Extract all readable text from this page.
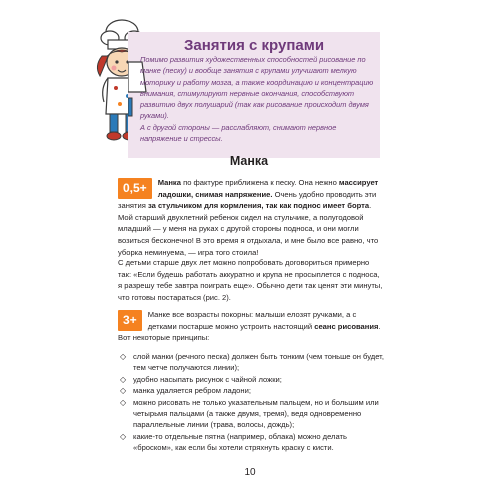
Занятия с крупами

Помимо развития художественных способностей рисование по манке (песку) и вообще занятия с крупами улучшают мелкую моторику и работу мозга, а также координацию и концентрацию внимания, стимулируют нервные окончания, способствуют развитию двух полушарий (так как рисование происходит двумя руками).

А с другой стороны — расслабляют, снимают нервное напряжение и стрессы.

Манка

0,5+	Манка по фактуре приближена к песку. Она нежно массирует ладошки, снимая напряжение. Очень удобно проводить эти занятия за стульчиком для кормления, так как поднос имеет борта. Мой старший двухлетний ребенок сидел на стульчике, а полугодовой младший — у меня на руках с другой стороны подноса, и они могли возиться бесконечно! В это время я отдыхала, и мне было все равно, что уборка неминуема, — игра того стоила!

С детьми старше двух лет можно попробовать договориться примерно так: «Если будешь работать аккуратно и крупа не просыплется с подноса, я разрешу тебе завтра поиграть еще». Обычно дети так ценят эти минуты, что готовы постараться (рис. 2).

3+	Манке все возрасты покорны: малыши елозят ручками, а с детками постарше можно устроить настоящий сеанс рисования. Вот некоторые принципы:

◇ слой манки (речного песка) должен быть тонким (чем тоньше он будет, тем четче получаются линии);
◇ удобно насыпать рисунок с чайной ложки;
◇ манка удаляется ребром ладони;
◇ можно рисовать не только указательным пальцем, но и большим или четырьмя пальцами (а также двумя, тремя), ведя одновременно параллельные линии (трава, волосы, дождь);
◇ какие-то отдельные пятна (например, облака) можно делать «броском», как если бы хотели стряхнуть краску с кисти.
10
